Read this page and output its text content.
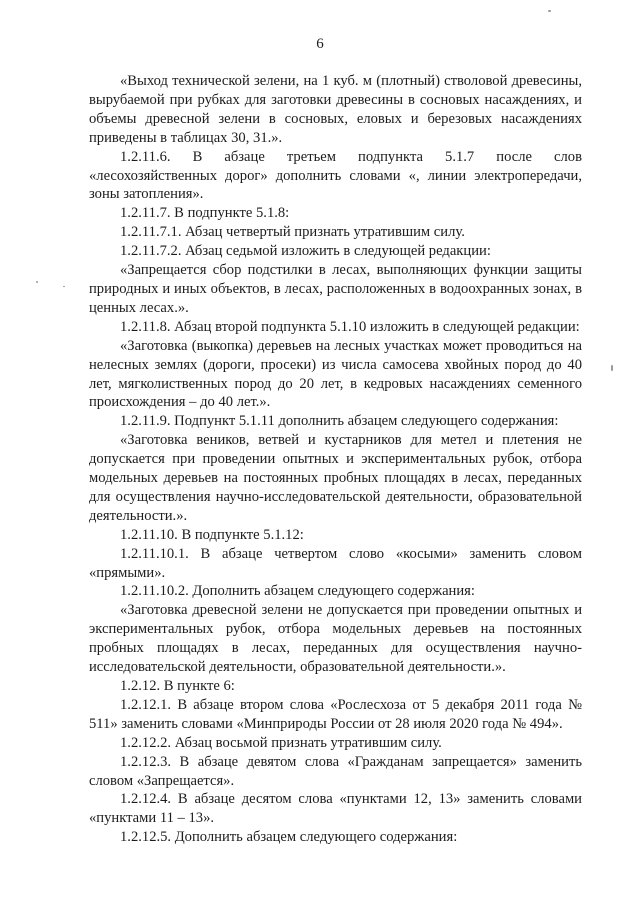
6

«Выход технической зелени, на 1 куб. м (плотный) стволовой древесины, вырубаемой при рубках для заготовки древесины в сосновых насаждениях, и объемы древесной зелени в сосновых, еловых и березовых насаждениях приведены в таблицах 30, 31.».

1.2.11.6. В абзаце третьем подпункта 5.1.7 после слов «лесохозяйственных дорог» дополнить словами «, линии электропередачи, зоны затопления».

1.2.11.7. В подпункте 5.1.8:

1.2.11.7.1. Абзац четвертый признать утратившим силу.

1.2.11.7.2. Абзац седьмой изложить в следующей редакции:

«Запрещается сбор подстилки в лесах, выполняющих функции защиты природных и иных объектов, в лесах, расположенных в водоохранных зонах, в ценных лесах.».

1.2.11.8. Абзац второй подпункта 5.1.10 изложить в следующей редакции:

«Заготовка (выкопка) деревьев на лесных участках может проводиться на нелесных землях (дороги, просеки) из числа самосева хвойных пород до 40 лет, мягколиственных пород до 20 лет, в кедровых насаждениях семенного происхождения – до 40 лет.».

1.2.11.9. Подпункт 5.1.11 дополнить абзацем следующего содержания:

«Заготовка веников, ветвей и кустарников для метел и плетения не допускается при проведении опытных и экспериментальных рубок, отбора модельных деревьев на постоянных пробных площадях в лесах, переданных для осуществления научно-исследовательской деятельности, образовательной деятельности.».

1.2.11.10. В подпункте 5.1.12:

1.2.11.10.1. В абзаце четвертом слово «косыми» заменить словом «прямыми».

1.2.11.10.2. Дополнить абзацем следующего содержания:

«Заготовка древесной зелени не допускается при проведении опытных и экспериментальных рубок, отбора модельных деревьев на постоянных пробных площадях в лесах, переданных для осуществления научно-исследовательской деятельности, образовательной деятельности.».

1.2.12. В пункте 6:

1.2.12.1. В абзаце втором слова «Рослесхоза от 5 декабря 2011 года № 511» заменить словами «Минприроды России от 28 июля 2020 года № 494».

1.2.12.2. Абзац восьмой признать утратившим силу.

1.2.12.3. В абзаце девятом слова «Гражданам запрещается» заменить словом «Запрещается».

1.2.12.4. В абзаце десятом слова «пунктами 12, 13» заменить словами «пунктами 11 – 13».

1.2.12.5. Дополнить абзацем следующего содержания:
